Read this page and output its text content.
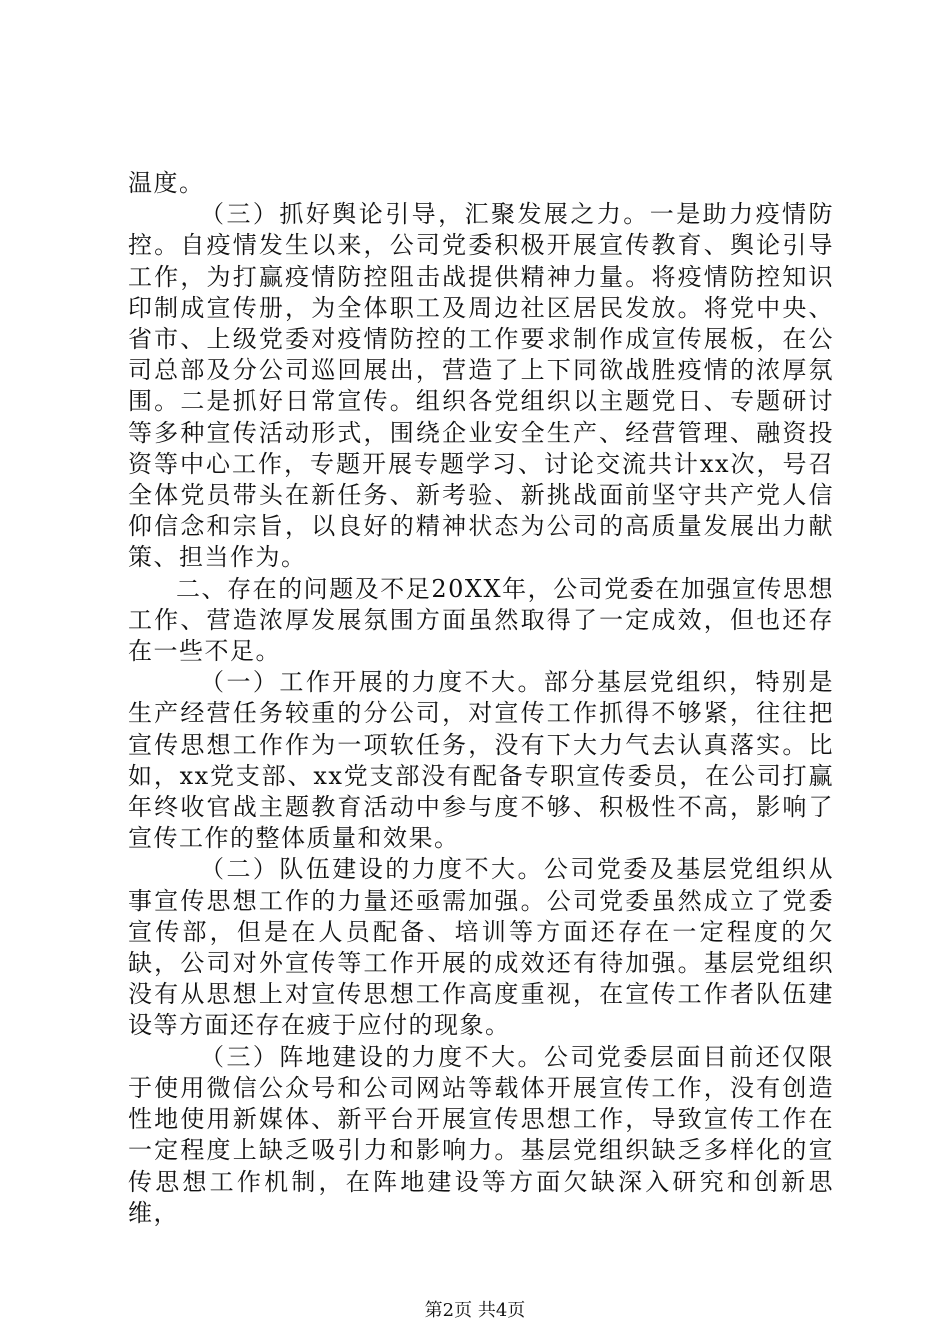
温度。

（三）抓好舆论引导，汇聚发展之力。一是助力疫情防控。自疫情发生以来，公司党委积极开展宣传教育、舆论引导工作，为打赢疫情防控阻击战提供精神力量。将疫情防控知识印制成宣传册，为全体职工及周边社区居民发放。将党中央、省市、上级党委对疫情防控的工作要求制作成宣传展板，在公司总部及分公司巡回展出，营造了上下同欲战胜疫情的浓厚氛围。二是抓好日常宣传。组织各党组织以主题党日、专题研讨等多种宣传活动形式，围绕企业安全生产、经营管理、融资投资等中心工作，专题开展专题学习、讨论交流共计xx次，号召全体党员带头在新任务、新考验、新挑战面前坚守共产党人信仰信念和宗旨，以良好的精神状态为公司的高质量发展出力献策、担当作为。

二、存在的问题及不足20XX年，公司党委在加强宣传思想工作、营造浓厚发展氛围方面虽然取得了一定成效，但也还存在一些不足。

（一）工作开展的力度不大。部分基层党组织，特别是生产经营任务较重的分公司，对宣传工作抓得不够紧，往往把宣传思想工作作为一项软任务，没有下大力气去认真落实。比如，xx党支部、xx党支部没有配备专职宣传委员，在公司打赢年终收官战主题教育活动中参与度不够、积极性不高，影响了宣传工作的整体质量和效果。

（二）队伍建设的力度不大。公司党委及基层党组织从事宣传思想工作的力量还亟需加强。公司党委虽然成立了党委宣传部，但是在人员配备、培训等方面还存在一定程度的欠缺，公司对外宣传等工作开展的成效还有待加强。基层党组织没有从思想上对宣传思想工作高度重视，在宣传工作者队伍建设等方面还存在疲于应付的现象。

（三）阵地建设的力度不大。公司党委层面目前还仅限于使用微信公众号和公司网站等载体开展宣传工作，没有创造性地使用新媒体、新平台开展宣传思想工作，导致宣传工作在一定程度上缺乏吸引力和影响力。基层党组织缺乏多样化的宣传思想工作机制，在阵地建设等方面欠缺深入研究和创新思维，

第2页 共4页
